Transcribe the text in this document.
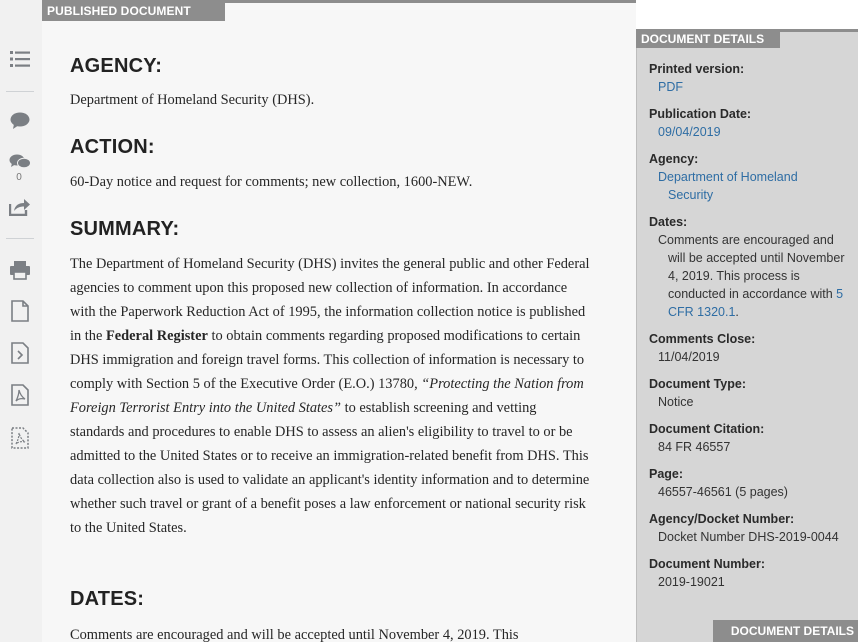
0
PUBLISHED DOCUMENT
AGENCY:

Department of Homeland Security (DHS).

ACTION:

60-Day notice and request for comments; new collection, 1600-NEW.

SUMMARY:

The Department of Homeland Security (DHS) invites the general public and other Federal agencies to comment upon this proposed new collection of information. In accordance with the Paperwork Reduction Act of 1995, the information collection notice is published in the Federal Register to obtain comments regarding proposed modifications to certain DHS immigration and foreign travel forms. This collection of information is necessary to comply with Section 5 of the Executive Order (E.O.) 13780, “Protecting the Nation from Foreign Terrorist Entry into the United States” to establish screening and vetting standards and procedures to enable DHS to assess an alien's eligibility to travel to or be admitted to the United States or to receive an immigration-related benefit from DHS. This data collection also is used to validate an applicant's identity information and to determine whether such travel or grant of a benefit poses a law enforcement or national security risk to the United States.

DATES:

Comments are encouraged and will be accepted until November 4, 2019. This

DOCUMENT DETAILS
Printed version:
PDF
Publication Date:
09/04/2019
Agency:
Department of Homeland Security
Dates:
Comments are encouraged and will be accepted until November 4, 2019. This process is conducted in accordance with 5 CFR 1320.1.
Comments Close:
11/04/2019
Document Type:
Notice
Document Citation:
84 FR 46557
Page:
46557-46561 (5 pages)
Agency/Docket Number:
Docket Number DHS-2019-0044
Document Number:
2019-19021
DOCUMENT DETAILS
